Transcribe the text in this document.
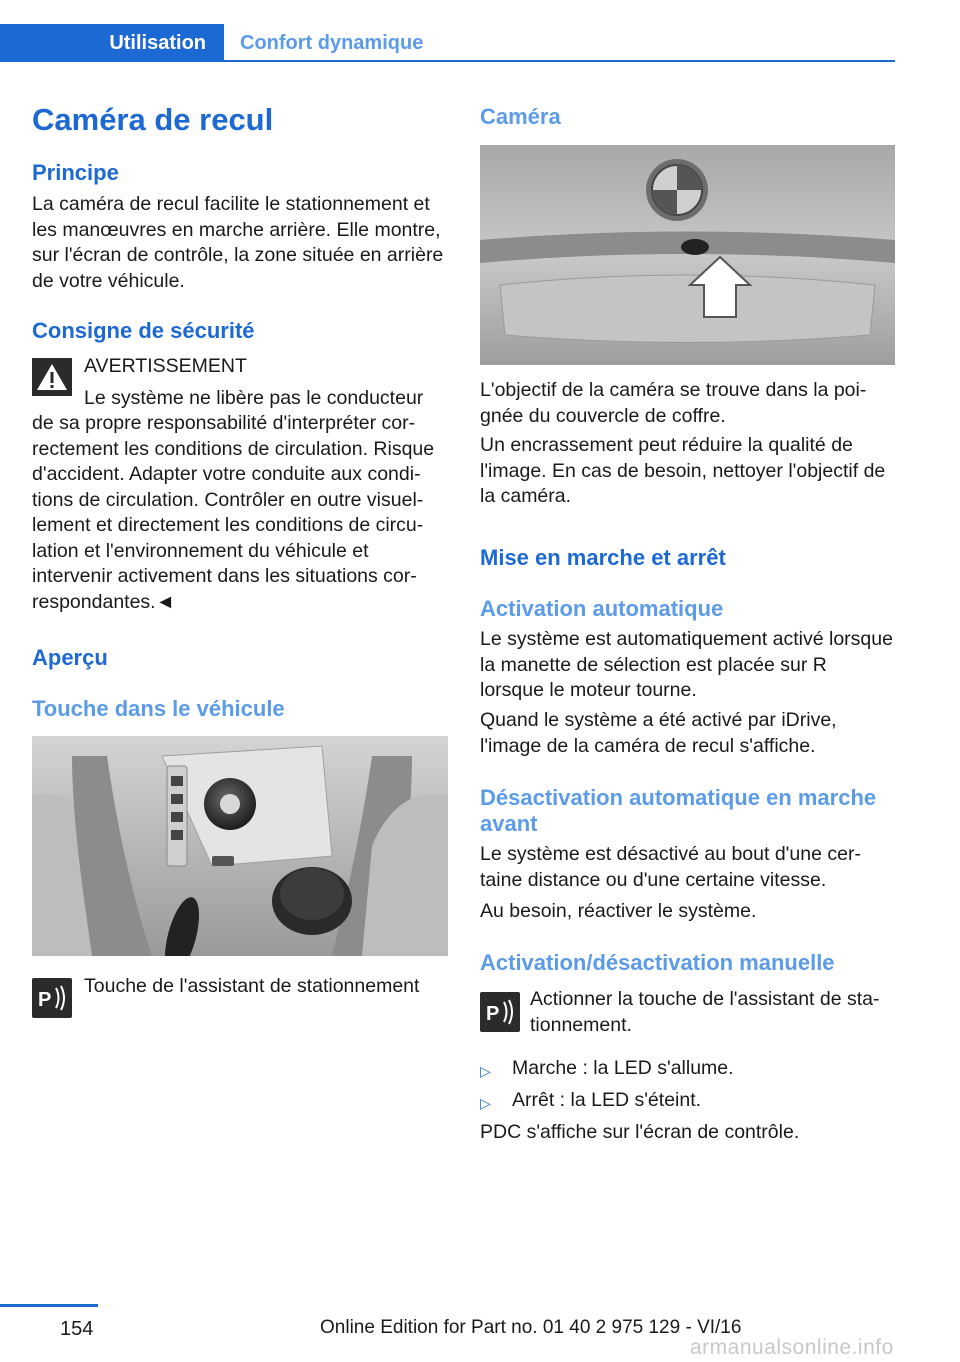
Utilisation	Confort dynamique
Caméra de recul
Principe
La caméra de recul facilite le stationnement et les manœuvres en marche arrière. Elle montre, sur l'écran de contrôle, la zone située en arrière de votre véhicule.
Consigne de sécurité
AVERTISSEMENT
Le système ne libère pas le conducteur
de sa propre responsabilité d'interpréter correctement les conditions de circulation. Risque d'accident. Adapter votre conduite aux conditions de circulation. Contrôler en outre visuellement et directement les conditions de circulation et l'environnement du véhicule et intervenir activement dans les situations correspondantes.◄
Aperçu
Touche dans le véhicule
P
Touche de l'assistant de stationnement
Caméra
L'objectif de la caméra se trouve dans la poignée du couvercle de coffre.
Un encrassement peut réduire la qualité de l'image. En cas de besoin, nettoyer l'objectif de la caméra.
Mise en marche et arrêt
Activation automatique
Le système est automatiquement activé lorsque la manette de sélection est placée sur R lorsque le moteur tourne.
Quand le système a été activé par iDrive, l'image de la caméra de recul s'affiche.
Désactivation automatique en marche avant
Le système est désactivé au bout d'une certaine distance ou d'une certaine vitesse.
Au besoin, réactiver le système.
Activation/désactivation manuelle
P
Actionner la touche de l'assistant de stationnement.
▷	Marche : la LED s'allume.
▷	Arrêt : la LED s'éteint.
PDC s'affiche sur l'écran de contrôle.
154	Online Edition for Part no. 01 40 2 975 129 - VI/16
armanualsonline.info
